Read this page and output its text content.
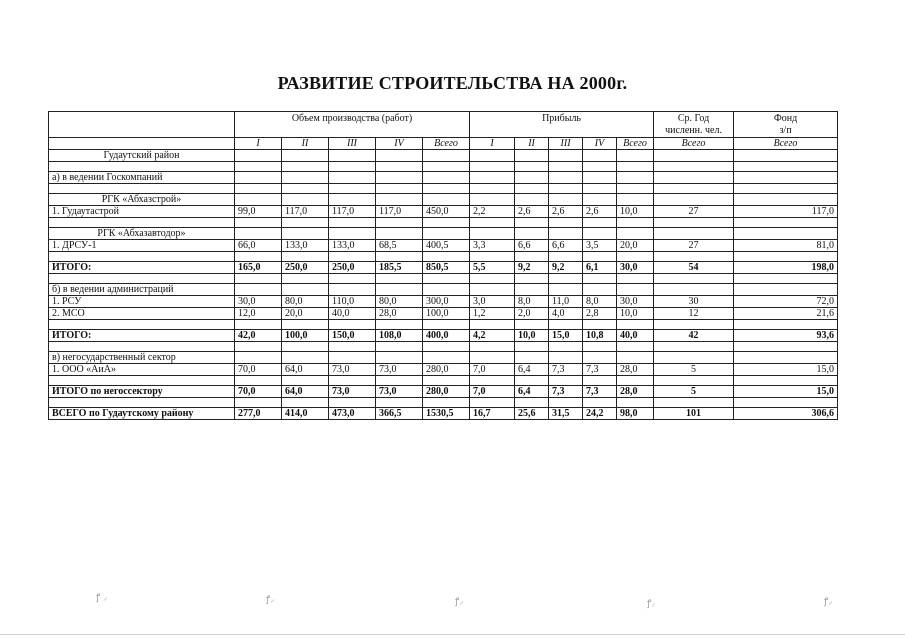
РАЗВИТИЕ СТРОИТЕЛЬСТВА НА 2000г.
	Объем производства (работ)					Прибыль					Ср. Год
численн. чел.	Фонд
з/п
	I	II	III	IV	Всего	I	II	III	IV	Всего	Всего	Всего
Гудаутский район												

а) в ведении Госкомпаний												

РГК «Абхазстрой»												
1. Гудаутастрой	99,0	117,0	117,0	117,0	450,0	2,2	2,6	2,6	2,6	10,0	27	117,0

РГК «Абхазавтодор»												
1. ДРСУ-1	66,0	133,0	133,0	68,5	400,5	3,3	6,6	6,6	3,5	20,0	27	81,0

ИТОГО:	165,0	250,0	250,0	185,5	850,5	5,5	9,2	9,2	6,1	30,0	54	198,0

б) в ведении администраций												
1. РСУ	30,0	80,0	110,0	80,0	300,0	3,0	8,0	11,0	8,0	30,0	30	72,0
2. МСО	12,0	20,0	40,0	28,0	100,0	1,2	2,0	4,0	2,8	10,0	12	21,6

ИТОГО:	42,0	100,0	150,0	108,0	400,0	4,2	10,0	15,0	10,8	40,0	42	93,6

в) негосударственный сектор												
1. ООО «АиА»	70,0	64,0	73,0	73,0	280,0	7,0	6,4	7,3	7,3	28,0	5	15,0

ИТОГО по негоссектору	70,0	64,0	73,0	73,0	280,0	7,0	6,4	7,3	7,3	28,0	5	15,0

ВСЕГО по Гудаутскому району	277,0	414,0	473,0	366,5	1530,5	16,7	25,6	31,5	24,2	98,0	101	306,6
ꝭ ⸝	ꝭ⸝	ꝭ⸝	ꝭ⸝	ꝭ⸝
